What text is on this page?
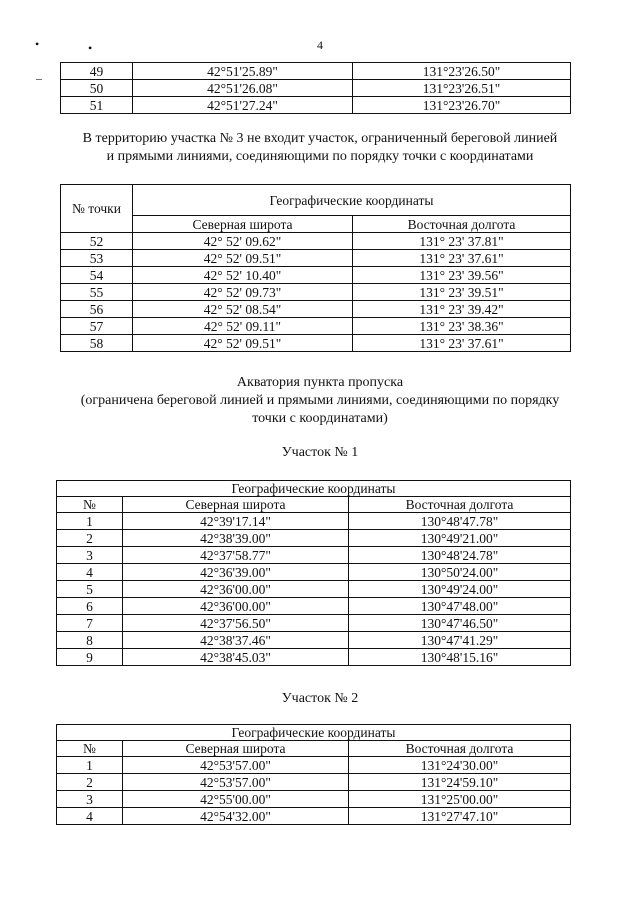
•	•
–
4
49	42°51'25.89"	131°23'26.50"
50	42°51'26.08"	131°23'26.51"
51	42°51'27.24"	131°23'26.70"
В территорию участка № 3 не входит участок, ограниченный береговой линией
и прямыми линиями, соединяющими по порядку точки с координатами
№ точки	Географические координаты	
	Северная широта	Восточная долгота
52	42° 52' 09.62"	131° 23' 37.81"
53	42° 52' 09.51"	131° 23' 37.61"
54	42° 52' 10.40"	131° 23' 39.56"
55	42° 52' 09.73"	131° 23' 39.51"
56	42° 52' 08.54"	131° 23' 39.42"
57	42° 52' 09.11"	131° 23' 38.36"
58	42° 52' 09.51"	131° 23' 37.61"
Акватория пункта пропуска
(ограничена береговой линией и прямыми линиями, соединяющими по порядку
точки с координатами)
Участок № 1
Географические координаты		
№	Северная широта	Восточная долгота
1	42°39'17.14"	130°48'47.78"
2	42°38'39.00"	130°49'21.00"
3	42°37'58.77"	130°48'24.78"
4	42°36'39.00"	130°50'24.00"
5	42°36'00.00"	130°49'24.00"
6	42°36'00.00"	130°47'48.00"
7	42°37'56.50"	130°47'46.50"
8	42°38'37.46"	130°47'41.29"
9	42°38'45.03"	130°48'15.16"
Участок № 2
Географические координаты		
№	Северная широта	Восточная долгота
1	42°53'57.00"	131°24'30.00"
2	42°53'57.00"	131°24'59.10"
3	42°55'00.00"	131°25'00.00"
4	42°54'32.00"	131°27'47.10"
